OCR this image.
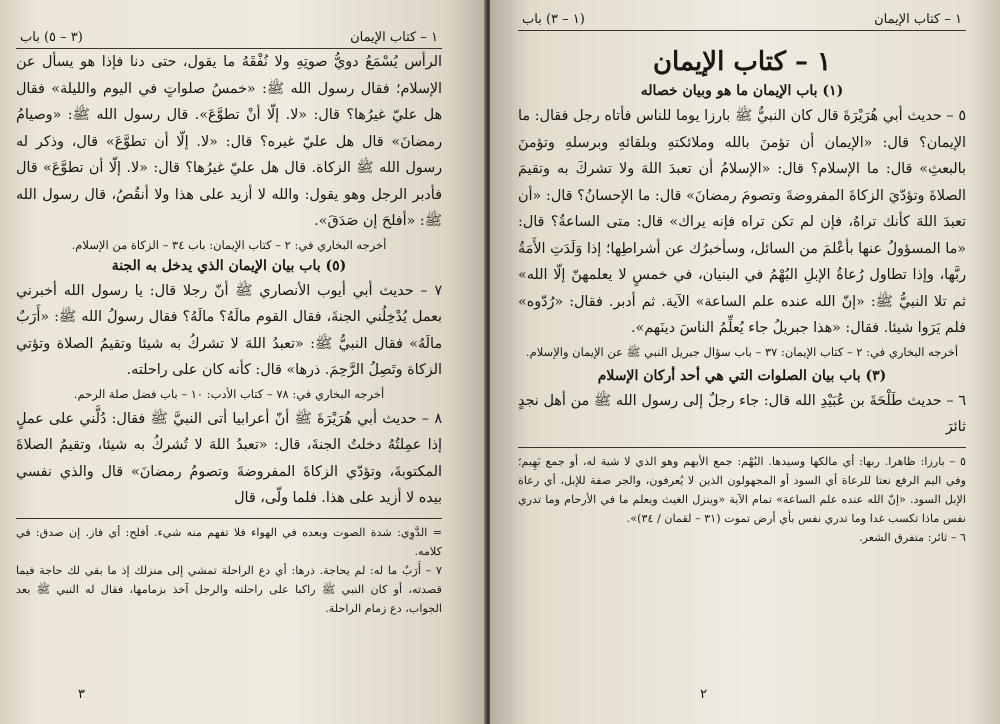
١ – كتاب الإيمان
(٣ – ٥) باب

الرأس يُسْمَعُ دويُّ صوتِهِ ولا نُفْقَهُ ما يقول، حتى دنا فإذا هو يسأل عن الإسلام؛ فقال رسول الله ﷺ: «خمسُ صلواتٍ في اليوم والليلة» فقال هل عليّ غيرُها؟ قال: «لا. إلّا أنْ تطوَّعَ». قال رسول الله ﷺ: «وصيامُ رمضانَ» قال هل عليّ غيره؟ قال: «لا. إلّا أن تطوَّعَ» قال، وذكر له رسول الله ﷺ الزكاة. قال هل عليّ غيرُها؟ قال: «لا. إلّا أن تطوَّعَ» قال فأدبر الرجل وهو يقول: والله لا أزيد على هذا ولا أنقُصُ، قال رسول الله ﷺ: «أفلحَ إن صَدَقَ».

أخرجه البخاري في: ٢ – كتاب الإيمان: باب ٣٤ – الزكاة من الإسلام.
(٥) باب بيان الإيمان الذي يدخل به الجنة

٧ – حديث أبي أيوب الأنصاري ﷺ أنّ رجلا قال: يا رسول الله أخبرني بعمل يُدْخِلُني الجنةَ، فقال القوم مالَهُ؟ مالَهُ؟ فقال رسولُ الله ﷺ: «أَرَبٌ مالَهُ» فقال النبيُّ ﷺ: «تعبدُ اللهَ لا تشركُ به شيئا وتقيمُ الصلاة وتؤتي الزكاة وتَصِلُ الرَّحِمَ. ذرها» قال: كأنه كان على راحلته.

أخرجه البخاري في: ٧٨ – كتاب الأدب: ١٠ – باب فضل صلة الرحم.

٨ – حديث أبي هُرَيْرَةَ ﷺ أنّ أعرابيا أتى النبيَّ ﷺ فقال: دُلَّني على عملٍ إذا عمِلتُهُ دخلتُ الجنةَ، قال: «تعبدُ اللهَ لا تُشركُ به شيئا، وتقيمُ الصلاةَ المكتوبةَ، وتؤدّي الزكاةَ المفروضةَ وتصومُ رمضانَ» قال والذي نفسي بيده لا أزيد على هذا. فلما ولّى، قال

= الدَّوِي: شدة الصوت وبعده في الهواء فلا تفهم منه شيء. أفلح: أي فاز. إن صدق: في كلامه.

٧ – أَرَبٌ ما له: لم يحاجة. ذرها: أي دع الراحلة تمشي إلى منزلك إذ ما بقي لك حاجة فيما قصدته، أو كان النبي ﷺ راكبا على راحلته والرجل آخذ بزمامها، فقال له النبي ﷺ بعد الجواب، دع زمام الراحلة.

٣
١ – كتاب الإيمان
(١ – ٣) باب
١ – كتاب الإيمان
(١) باب الإيمان ما هو وبيان خصاله

٥ – حديث أبي هُرَيْرَةَ قال كان النبيُّ ﷺ بارزا يوما للناس فأتاه رجل فقال: ما الإيمان؟ قال: «الإيمان أن تؤمنَ بالله وملائكتهِ وبلقائهِ وبرسلهِ وتؤمنَ بالبعثِ» قال: ما الإسلام؟ قال: «الإسلامُ أن تعبدَ اللهَ ولا تشركَ به وتقيمَ الصلاةَ وتؤدّيَ الزكاةَ المفروضةَ وتصومَ رمضانَ» قال: ما الإحسانُ؟ قال: «أن تعبدَ اللهَ كأنك تراهُ، فإن لم تكن تراه فإنه يراك» قال: متى الساعةُ؟ قال: «ما المسؤولُ عنها بأعْلمَ من السائل، وسأخبرُك عن أشراطِها؛ إذا وَلَدَتِ الأَمَةُ ربَّها، وإذا تطاول رُعاةُ الإبلِ البُهْمُ في البنيان، في خمسٍ لا يعلمهنّ إلّا الله» ثم تلا النبيُّ ﷺ: «إنّ الله عنده علم الساعة» الآية. ثم أدبر. فقال: «رُدّوه» فلم يَرَوا شيئا. فقال: «هذا جبريلُ جاء يُعلِّمُ الناسَ دينَهم».

أخرجه البخاري في: ٢ – كتاب الإيمان: ٣٧ – باب سؤال جبريل النبي ﷺ عن الإيمان والإسلام.
(٣) باب بيان الصلوات التي هي أحد أركان الإسلام

٦ – حديث طَلْحَةَ بن عُبَيْدِ الله قال: جاء رجلٌ إلى رسول الله ﷺ من أهل نجدٍ ثائرَ

٥ – بارزا: ظاهرا. ربها: أي مالكها وسيدها. البُهْم: جمع الأبهم وهو الذي لا شية له، أو جمع بَهِيم؛ وفي اليم الرفع نعتا للرعاة أي السود أو المجهولون الذين لا يُعرفون، والجر صفة للإبل، أي رعاة الإبل السود. «إنّ الله عنده علم الساعة» تمام الآية «وينزل الغيث ويعلم ما في الأرحام وما تدري نفس ماذا تكسب غدا وما تدري نفس بأي أرض تموت (٣١ – لقمان / ٣٤)».

٦ – ثائر: متفرق الشعر.

٢
